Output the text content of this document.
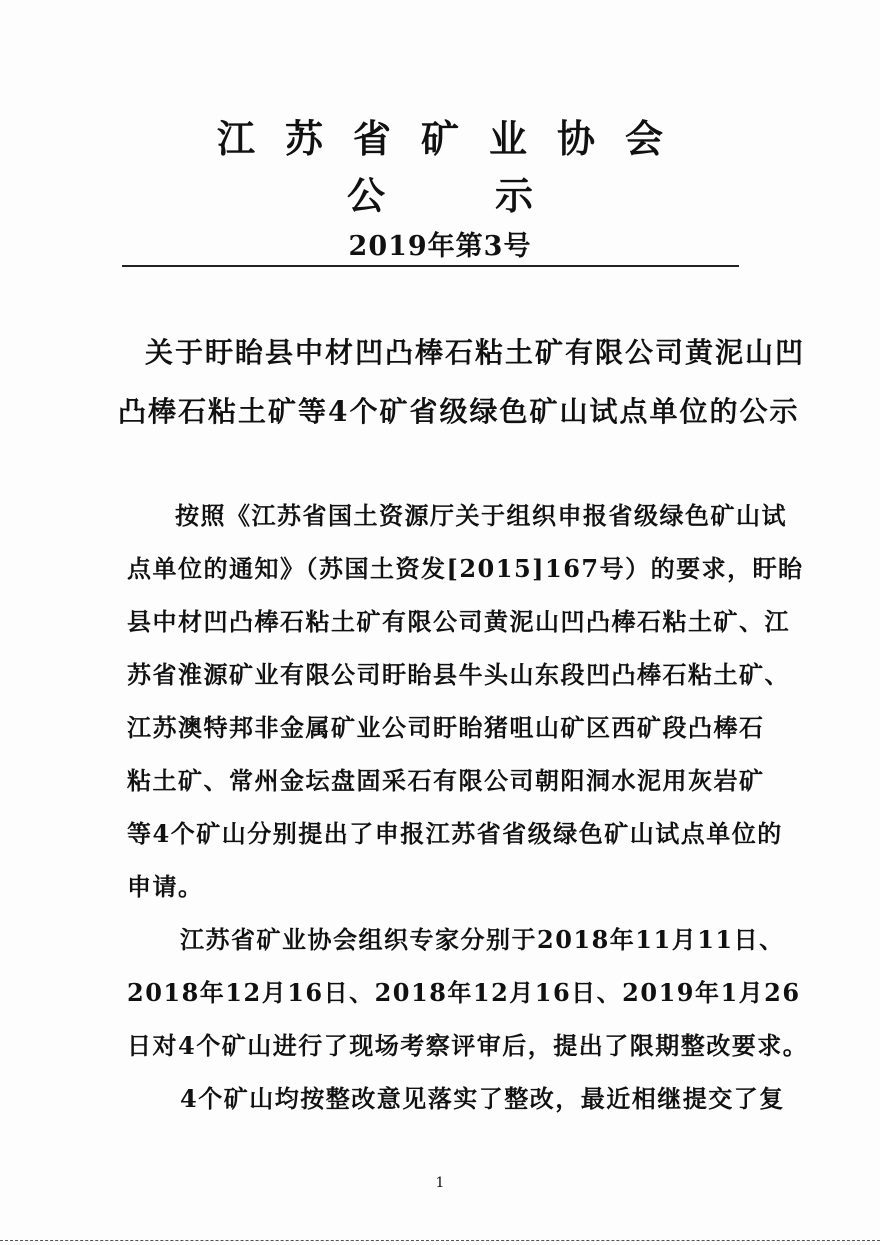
江苏省矿业协会
公示
2019年第3号
关于盱眙县中材凹凸棒石粘土矿有限公司黄泥山凹
凸棒石粘土矿等4个矿省级绿色矿山试点单位的公示
按照《江苏省国土资源厅关于组织申报省级绿色矿山试
点单位的通知》（苏国土资发[2015]167号）的要求，盱眙
县中材凹凸棒石粘土矿有限公司黄泥山凹凸棒石粘土矿、江
苏省淮源矿业有限公司盱眙县牛头山东段凹凸棒石粘土矿、
江苏澳特邦非金属矿业公司盱眙猪咀山矿区西矿段凸棒石
粘土矿、常州金坛盘固采石有限公司朝阳洞水泥用灰岩矿
等4个矿山分别提出了申报江苏省省级绿色矿山试点单位的
申请。
江苏省矿业协会组织专家分别于2018年11月11日、
2018年12月16日、2018年12月16日、2019年1月26
日对4个矿山进行了现场考察评审后，提出了限期整改要求。
4个矿山均按整改意见落实了整改，最近相继提交了复
1
